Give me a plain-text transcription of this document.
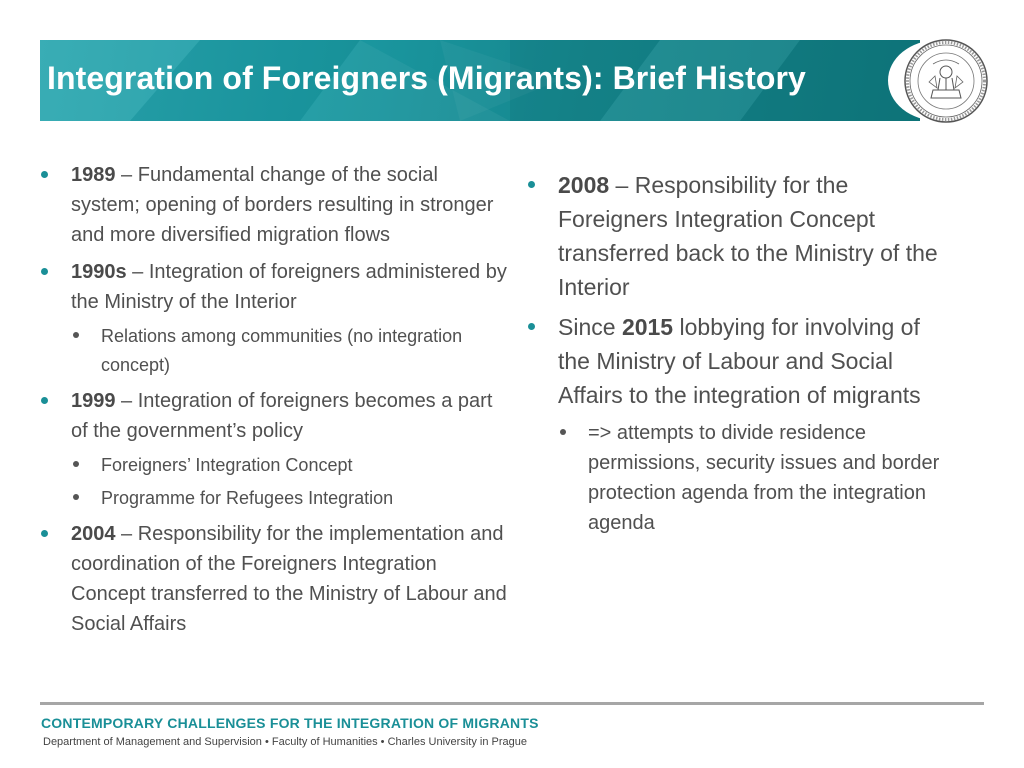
Integration of Foreigners (Migrants): Brief History
1989 – Fundamental change of the social system; opening of borders resulting in stronger and more diversified migration flows
1990s – Integration of foreigners administered by the Ministry of the Interior
Relations among communities (no integration concept)
1999 – Integration of foreigners becomes a part of the government’s policy
Foreigners’ Integration Concept
Programme for Refugees Integration
2004 – Responsibility for the implementation and coordination of the Foreigners Integration Concept transferred to the Ministry of Labour and Social Affairs
2008 – Responsibility for the Foreigners Integration Concept transferred back to the Ministry of the Interior
Since 2015 lobbying for involving of the Ministry of Labour and Social Affairs to the integration of migrants
=> attempts to divide residence permissions, security issues and border protection agenda from the integration agenda
CONTEMPORARY CHALLENGES FOR THE INTEGRATION OF MIGRANTS
Department of Management and Supervision • Faculty of Humanities • Charles University in Prague
